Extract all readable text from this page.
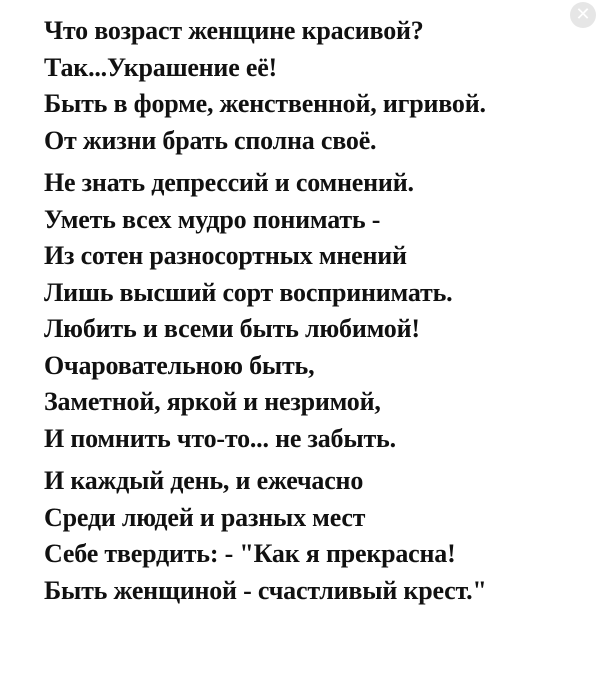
✕
Что возраст женщине красивой?
Так...Украшение её!
Быть в форме, женственной, игривой.
От жизни брать сполна своё.
Не знать депрессий и сомнений.
Уметь всех мудро понимать -
Из сотен разносортных мнений
Лишь высший сорт воспринимать.
Любить и всеми быть любимой!
Очаровательною быть,
Заметной, яркой и незримой,
И помнить что-то... не забыть.
И каждый день, и ежечасно
Среди людей и разных мест
Себе твердить: - "Как я прекрасна!
Быть женщиной - счастливый крест."
